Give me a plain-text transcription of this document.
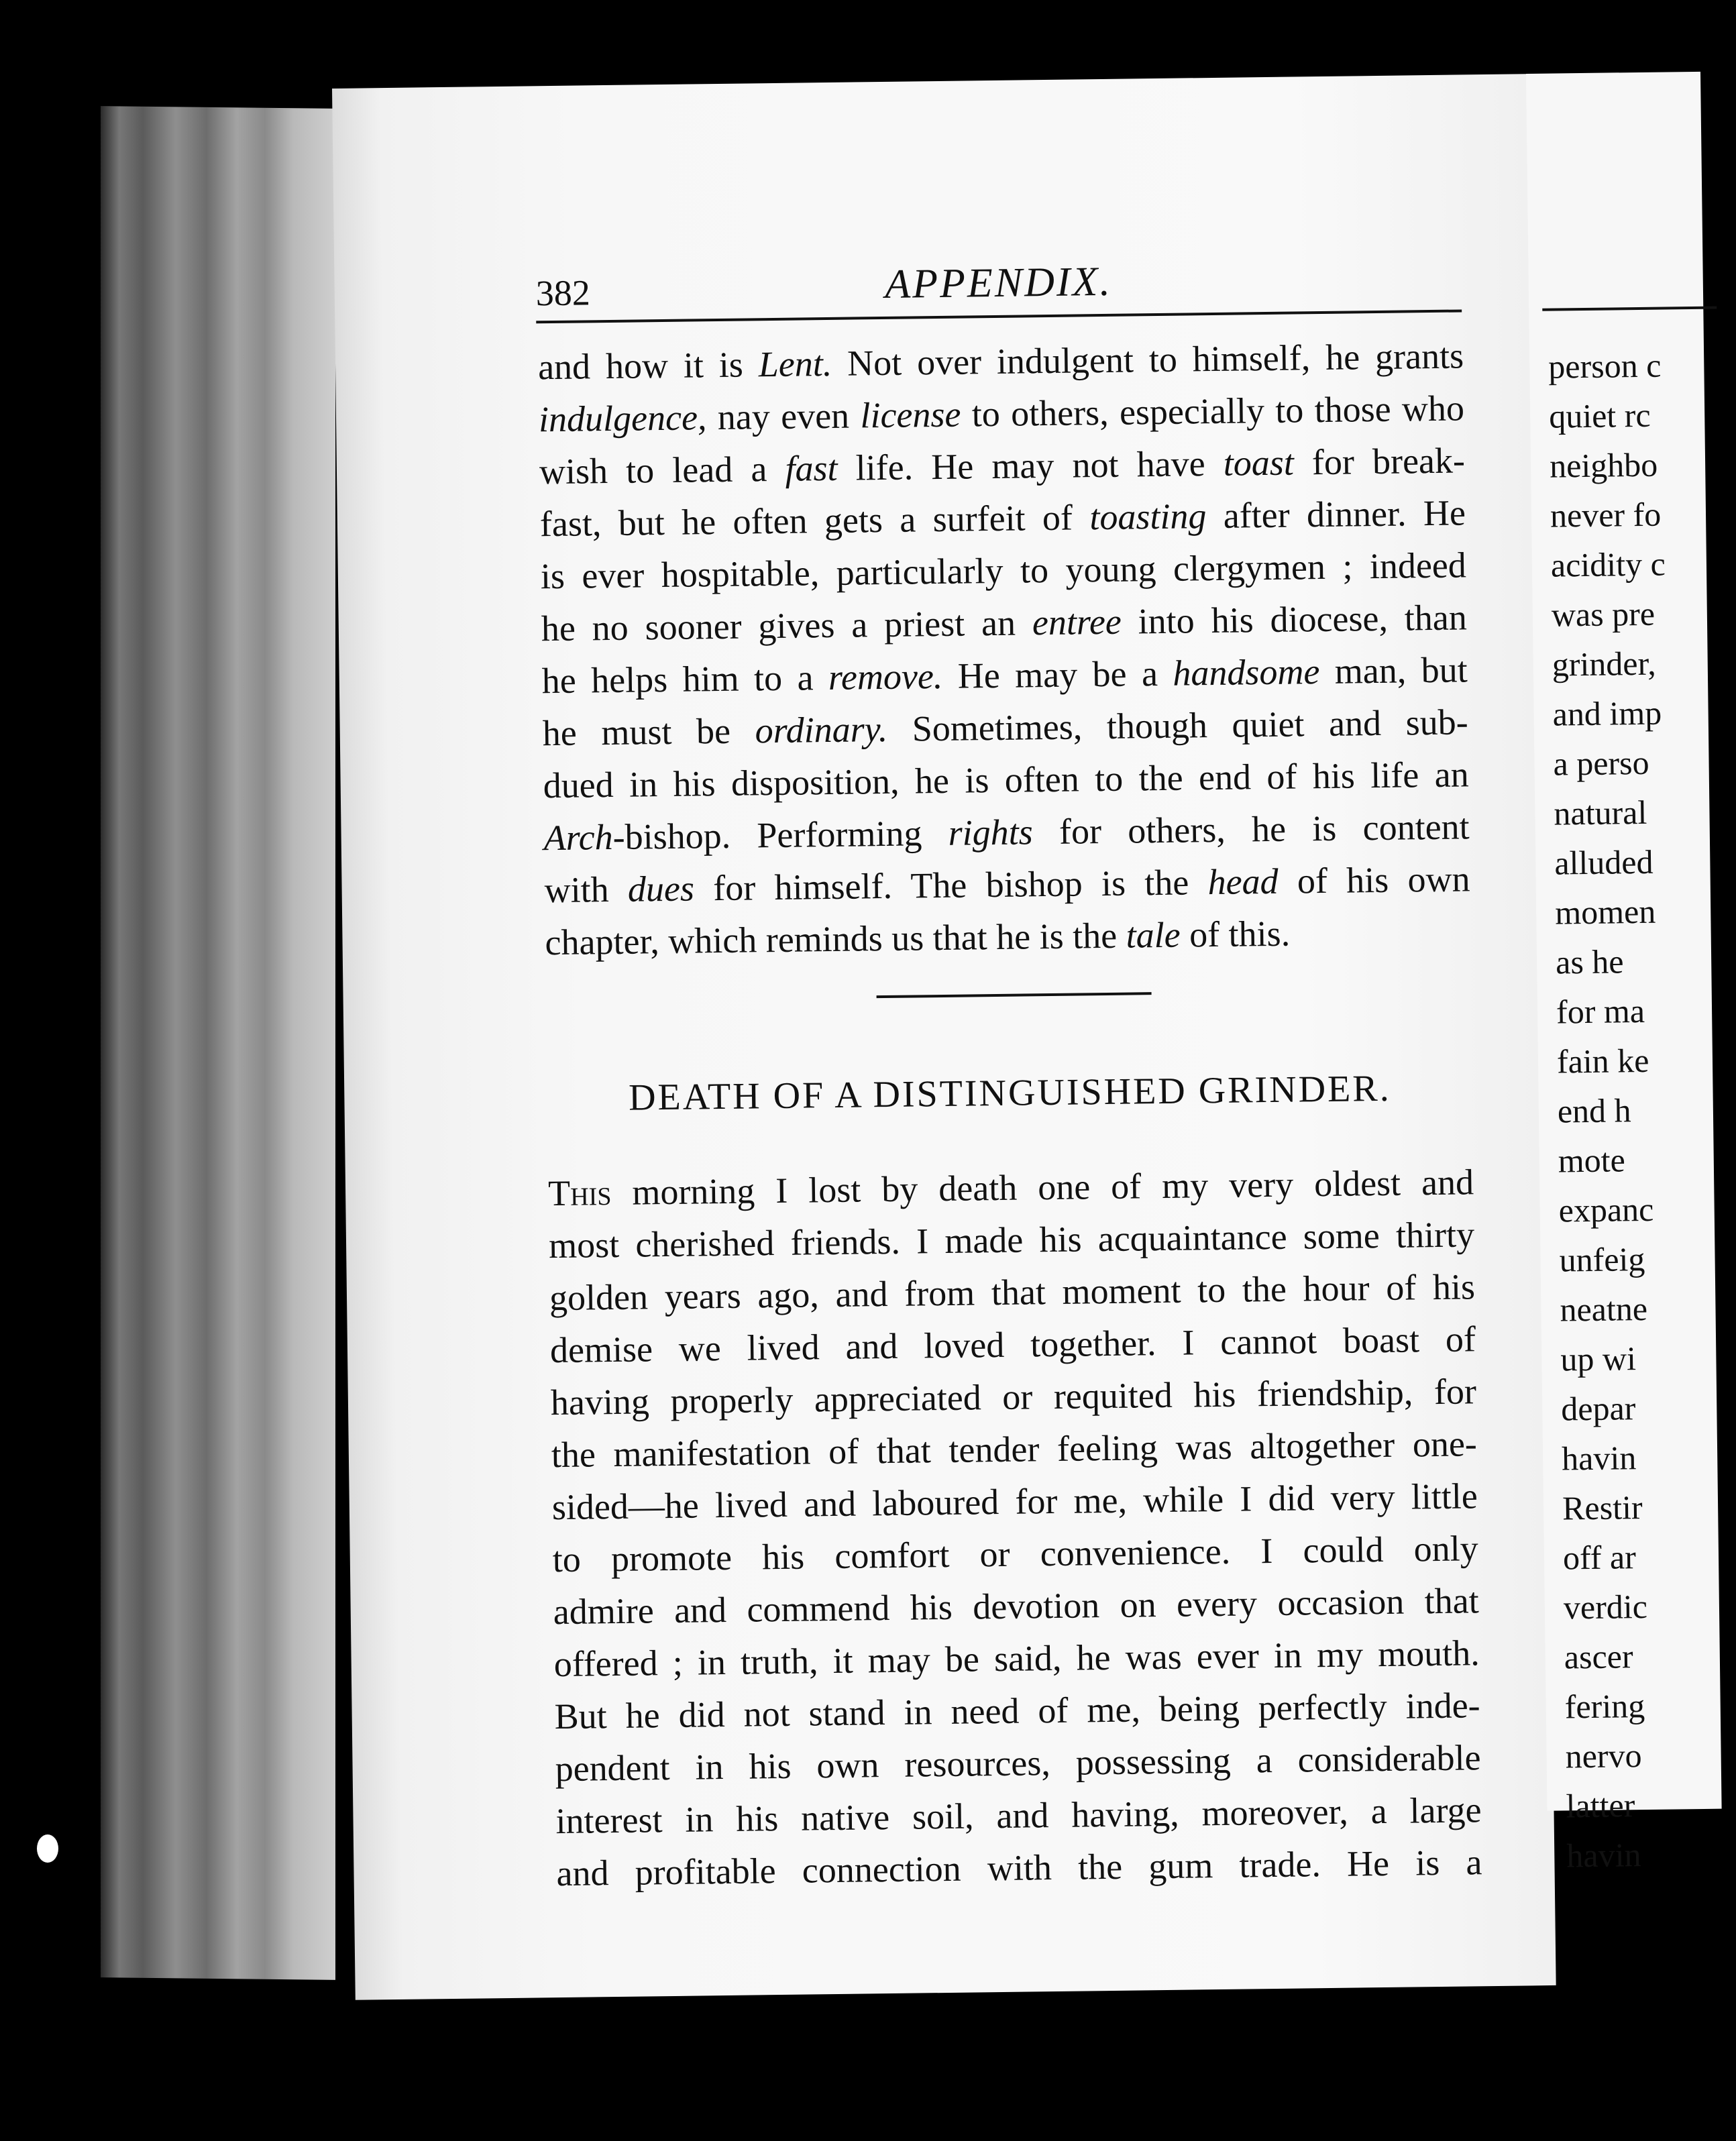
382	APPENDIX.
and how it is Lent. Not over indulgent to himself, he grants
indulgence, nay even license to others, especially to those who
wish to lead a fast life. He may not have toast for break-
fast, but he often gets a surfeit of toasting after dinner. He
is ever hospitable, particularly to young clergymen ; indeed
he no sooner gives a priest an entree into his diocese, than
he helps him to a remove. He may be a handsome man, but
he must be ordinary. Sometimes, though quiet and sub-
dued in his disposition, he is often to the end of his life an
Arch-bishop. Performing rights for others, he is content
with dues for himself. The bishop is the head of his own
chapter, which reminds us that he is the tale of this.
DEATH OF A DISTINGUISHED GRINDER.
This morning I lost by death one of my very oldest and
most cherished friends. I made his acquaintance some thirty
golden years ago, and from that moment to the hour of his
demise we lived and loved together. I cannot boast of
having properly appreciated or requited his friendship, for
the manifestation of that tender feeling was altogether one-
sided—he lived and laboured for me, while I did very little
to promote his comfort or convenience. I could only
admire and commend his devotion on every occasion that
offered ; in truth, it may be said, he was ever in my mouth.
But he did not stand in need of me, being perfectly inde-
pendent in his own resources, possessing a considerable
interest in his native soil, and having, moreover, a large
and profitable connection with the gum trade. He is a
person c
quiet rc
neighbo
never fo
acidity c
was pre
grinder,
and imp
a perso
natural
alluded
momen
as he
for ma
fain ke
end h
mote
expanc
unfeig
neatne
up wi
depar
havin
Restir
off ar
verdic
ascer
fering
nervo
latter
havin
